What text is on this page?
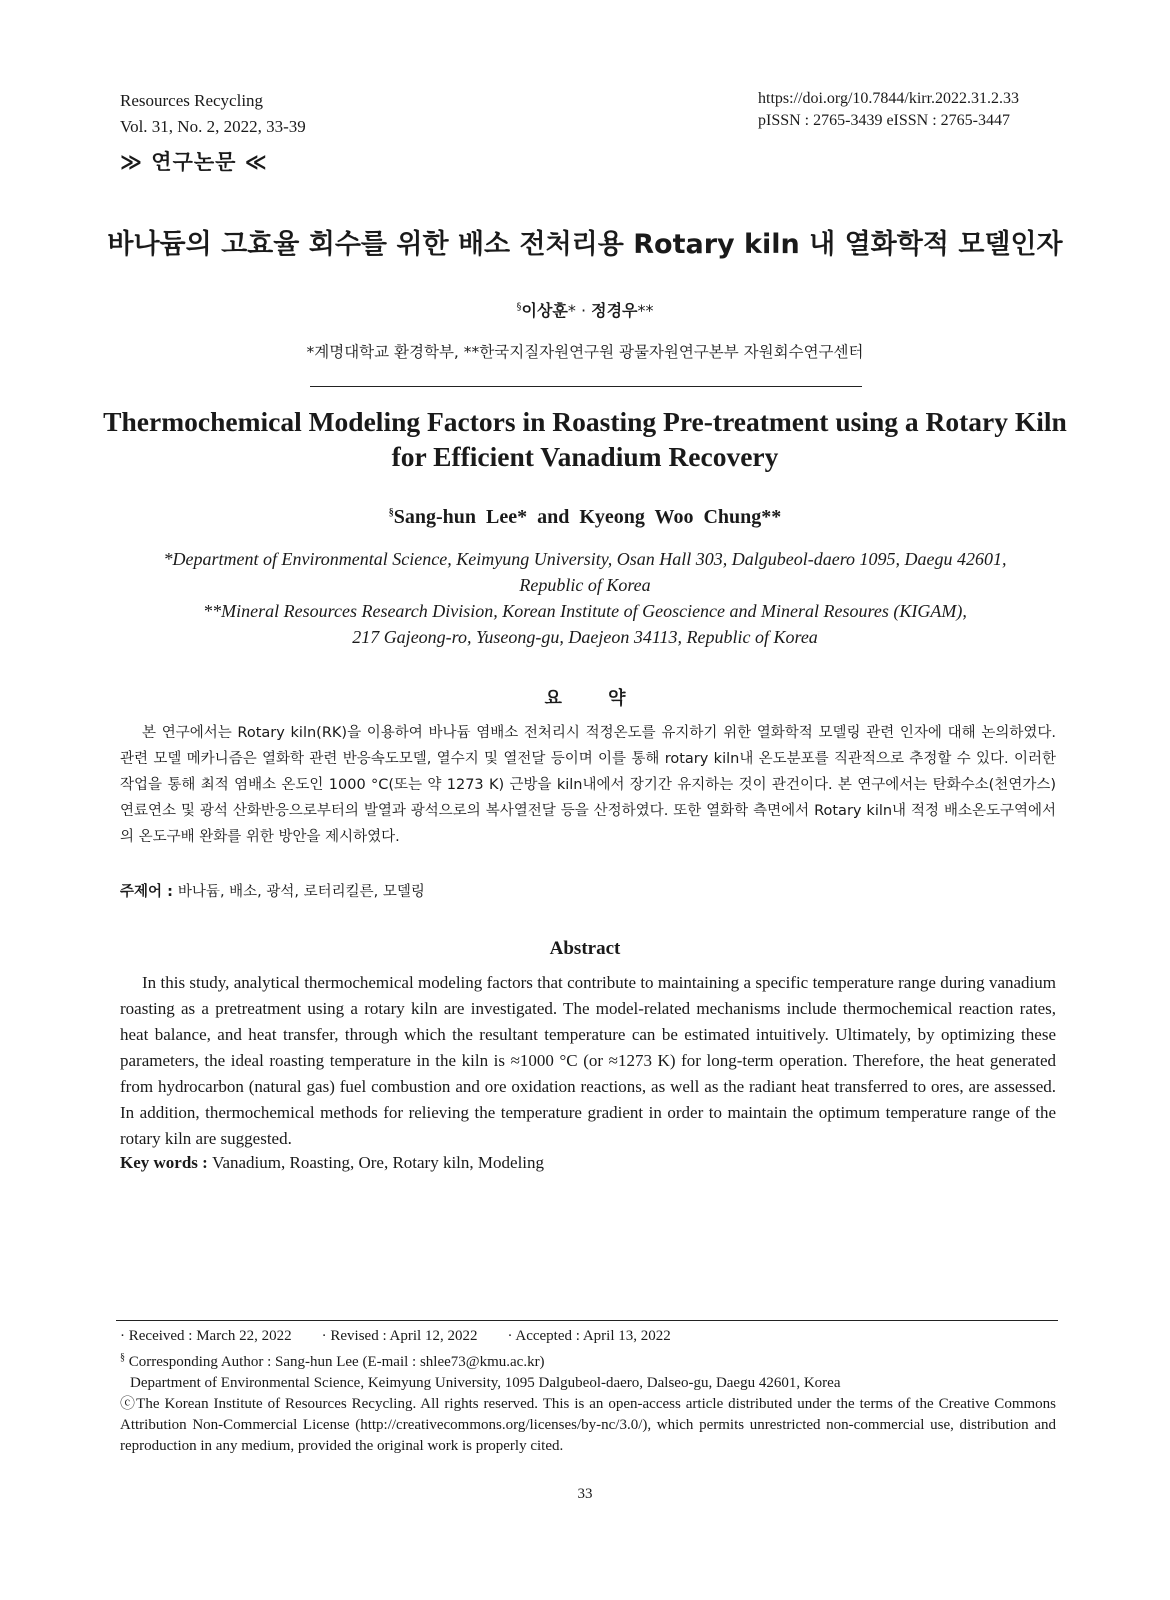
Resources Recycling
Vol. 31, No. 2, 2022, 33-39
https://doi.org/10.7844/kirr.2022.31.2.33
pISSN : 2765-3439 eISSN : 2765-3447
≫ 연구논문 ≪
바나듐의 고효율 회수를 위한 배소 전처리용 Rotary kiln 내 열화학적 모델인자
§이상훈* · 정경우**
*계명대학교 환경학부, **한국지질자원연구원 광물자원연구본부 자원회수연구센터
Thermochemical Modeling Factors in Roasting Pre-treatment using a Rotary Kiln
for Efficient Vanadium Recovery
§Sang-hun Lee* and Kyeong Woo Chung**
*Department of Environmental Science, Keimyung University, Osan Hall 303, Dalgubeol-daero 1095, Daegu 42601,
Republic of Korea
**Mineral Resources Research Division, Korean Institute of Geoscience and Mineral Resoures (KIGAM),
217 Gajeong-ro, Yuseong-gu, Daejeon 34113, Republic of Korea
요 약
본 연구에서는 Rotary kiln(RK)을 이용하여 바나듐 염배소 전처리시 적정온도를 유지하기 위한 열화학적 모델링 관련 인자에 대해 논의하였다. 관련 모델 메카니즘은 열화학 관련 반응속도모델, 열수지 및 열전달 등이며 이를 통해 rotary kiln내 온도분포를 직관적으로 추정할 수 있다. 이러한 작업을 통해 최적 염배소 온도인 1000 °C(또는 약 1273 K) 근방을 kiln내에서 장기간 유지하는 것이 관건이다. 본 연구에서는 탄화수소(천연가스) 연료연소 및 광석 산화반응으로부터의 발열과 광석으로의 복사열전달 등을 산정하였다. 또한 열화학 측면에서 Rotary kiln내 적정 배소온도구역에서의 온도구배 완화를 위한 방안을 제시하였다.
주제어 : 바나듐, 배소, 광석, 로터리킬른, 모델링
Abstract
In this study, analytical thermochemical modeling factors that contribute to maintaining a specific temperature range during vanadium roasting as a pretreatment using a rotary kiln are investigated. The model-related mechanisms include thermochemical reaction rates, heat balance, and heat transfer, through which the resultant temperature can be estimated intuitively. Ultimately, by optimizing these parameters, the ideal roasting temperature in the kiln is ≈1000 °C (or ≈1273 K) for long-term operation. Therefore, the heat generated from hydrocarbon (natural gas) fuel combustion and ore oxidation reactions, as well as the radiant heat transferred to ores, are assessed. In addition, thermochemical methods for relieving the temperature gradient in order to maintain the optimum temperature range of the rotary kiln are suggested.
Key words : Vanadium, Roasting, Ore, Rotary kiln, Modeling
· Received : March 22, 2022 · Revised : April 12, 2022 · Accepted : April 13, 2022
§ Corresponding Author : Sang-hun Lee (E-mail : shlee73@kmu.ac.kr)
Department of Environmental Science, Keimyung University, 1095 Dalgubeol-daero, Dalseo-gu, Daegu 42601, Korea
ⓒThe Korean Institute of Resources Recycling. All rights reserved. This is an open-access article distributed under the terms of the Creative Commons Attribution Non-Commercial License (http://creativecommons.org/licenses/by-nc/3.0/), which permits unrestricted non-commercial use, distribution and reproduction in any medium, provided the original work is properly cited.
33
